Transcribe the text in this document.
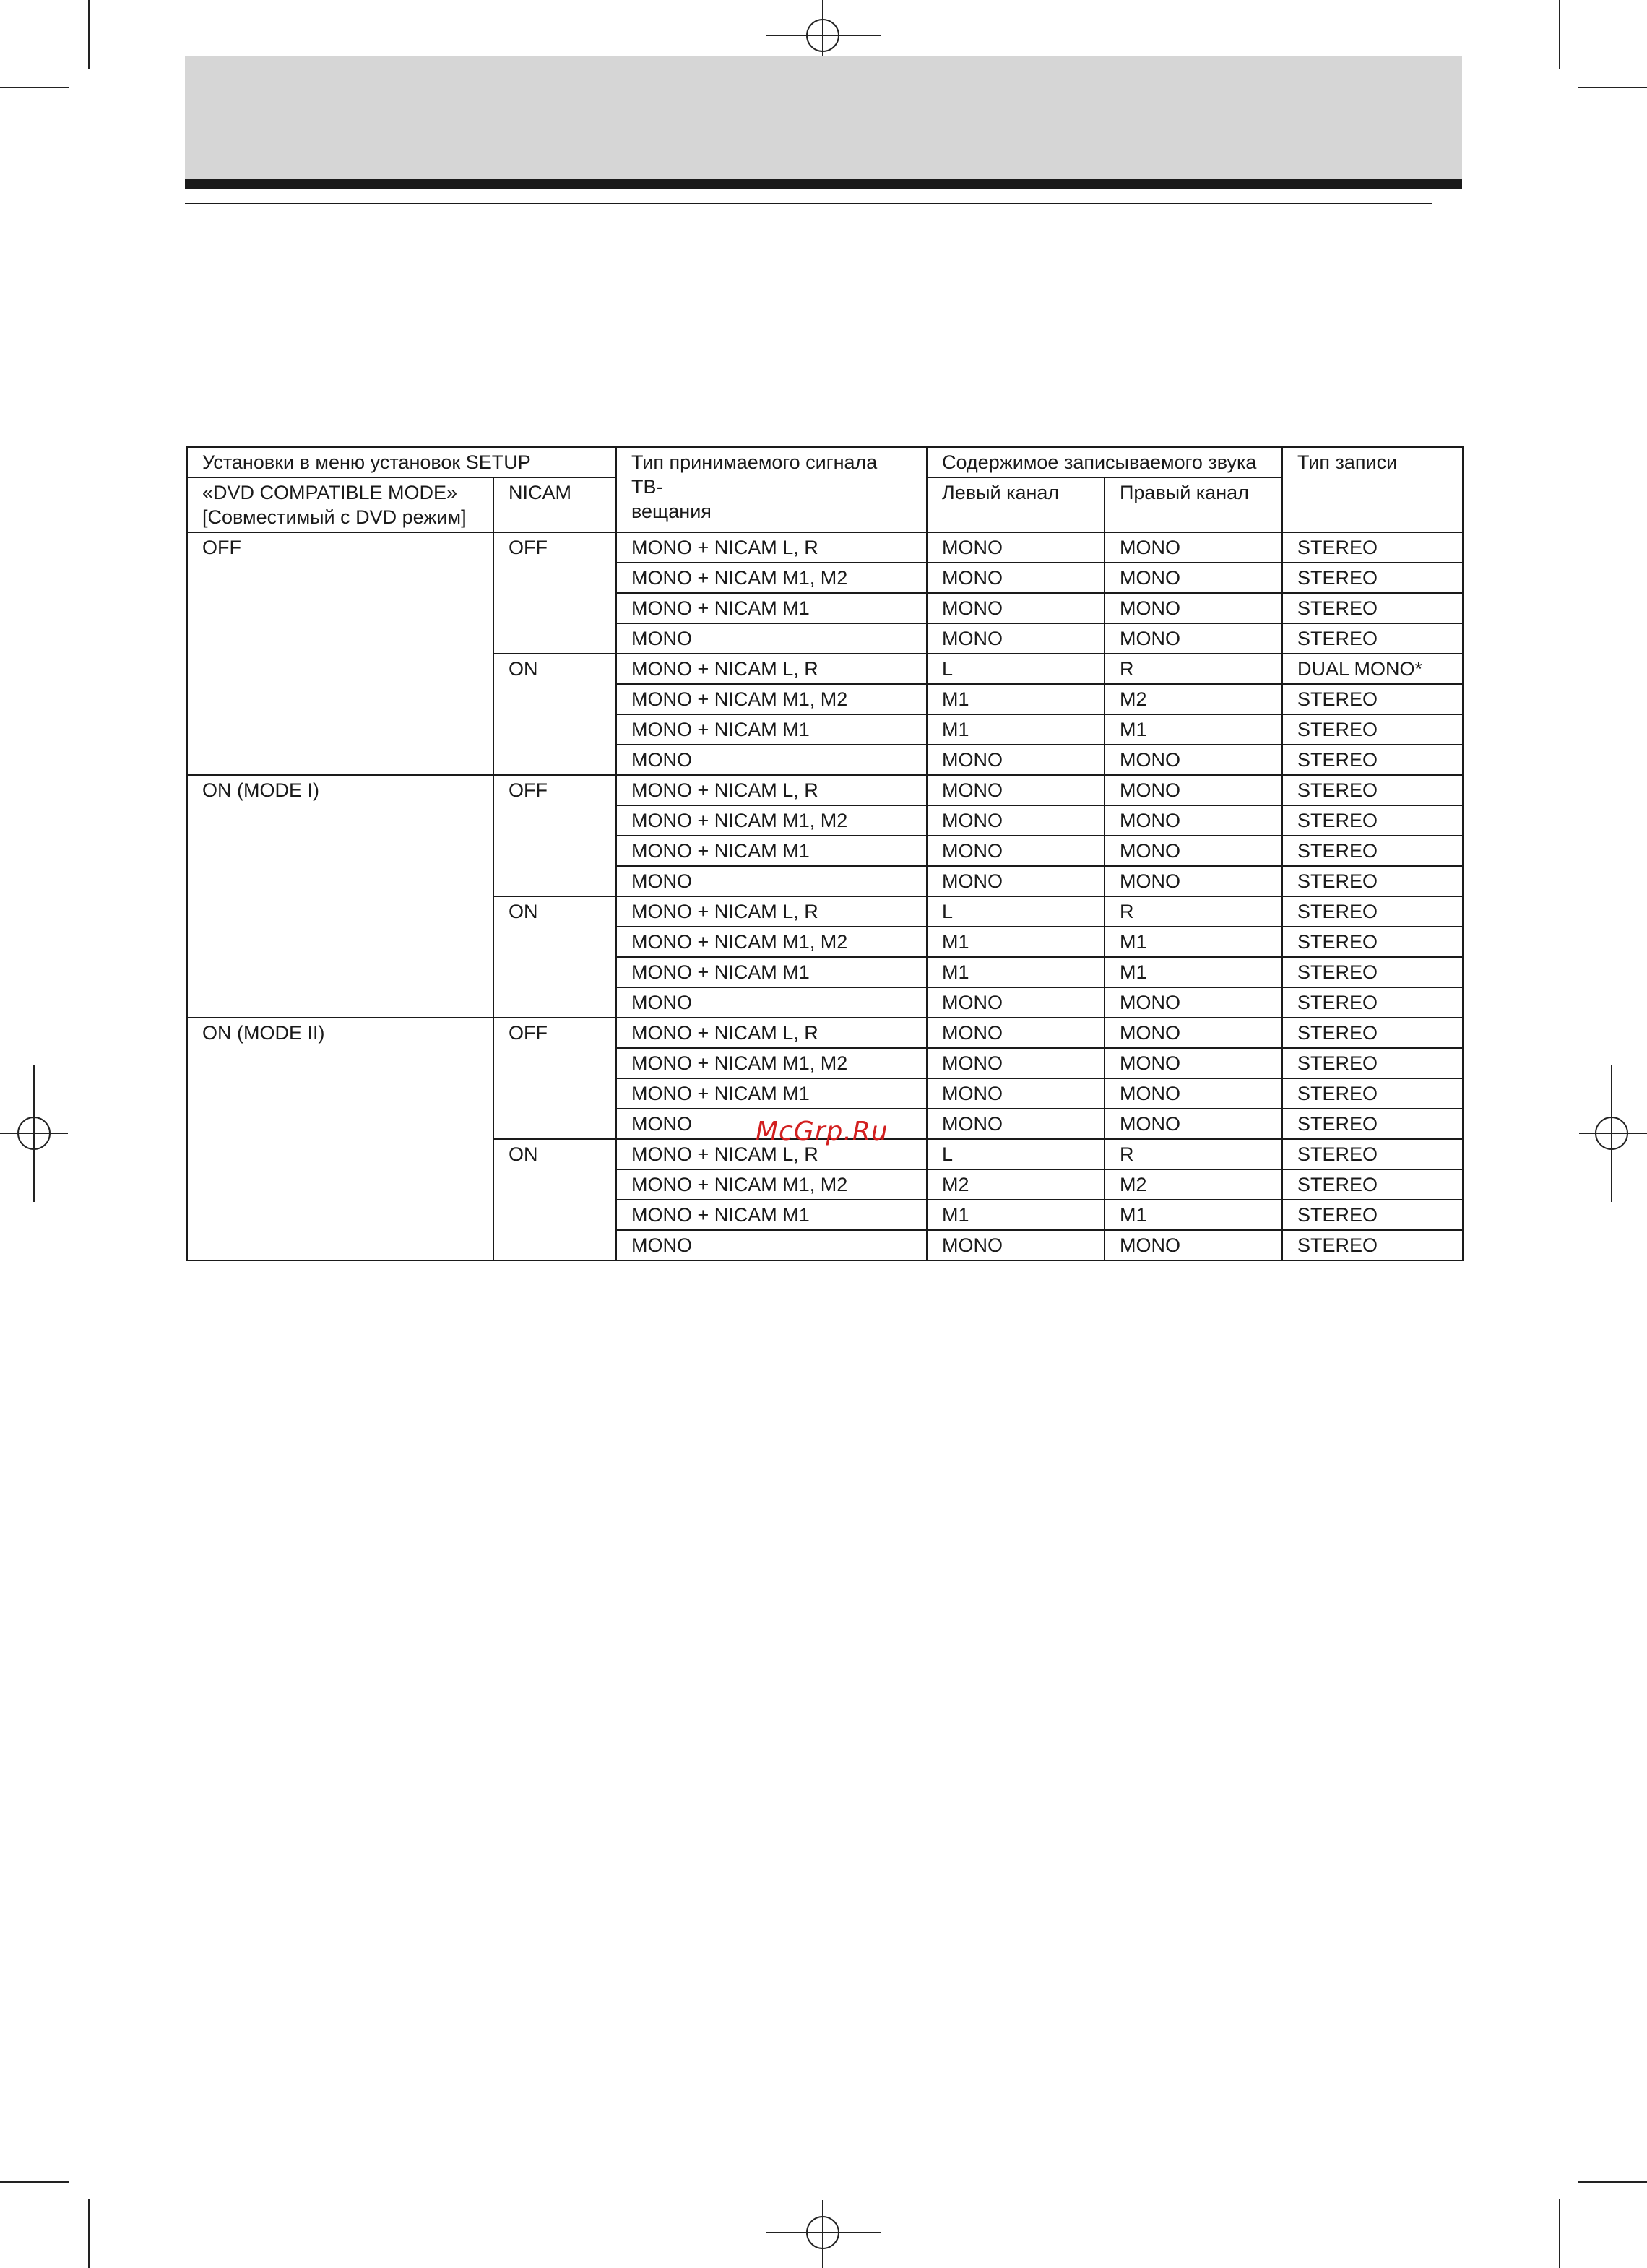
Установки в меню установок SETUP		Тип принимаемого сигнала ТВ-
вещания	Содержимое записываемого звука		Тип записи

«DVD COMPATIBLE MODE»
[Совместимый с DVD режим]	NICAM		Левый канал	Правый канал	
OFF	OFF	MONO + NICAM L, R	MONO	MONO	STEREO
		MONO + NICAM M1, M2	MONO	MONO	STEREO
		MONO + NICAM M1	MONO	MONO	STEREO
		MONO	MONO	MONO	STEREO
	ON	MONO + NICAM L, R	L	R	DUAL MONO*
		MONO + NICAM M1, M2	M1	M2	STEREO
		MONO + NICAM M1	M1	M1	STEREO
		MONO	MONO	MONO	STEREO
ON (MODE I)	OFF	MONO + NICAM L, R	MONO	MONO	STEREO
		MONO + NICAM M1, M2	MONO	MONO	STEREO
		MONO + NICAM M1	MONO	MONO	STEREO
		MONO	MONO	MONO	STEREO
	ON	MONO + NICAM L, R	L	R	STEREO
		MONO + NICAM M1, M2	M1	M1	STEREO
		MONO + NICAM M1	M1	M1	STEREO
		MONO	MONO	MONO	STEREO
ON (MODE II)	OFF	MONO + NICAM L, R	MONO	MONO	STEREO
		MONO + NICAM M1, M2	MONO	MONO	STEREO
		MONO + NICAM M1	MONO	MONO	STEREO
		MONO	MONO	MONO	STEREO
	ON	MONO + NICAM L, R	L	R	STEREO
		MONO + NICAM M1, M2	M2	M2	STEREO
		MONO + NICAM M1	M1	M1	STEREO
		MONO	MONO	MONO	STEREO
McGrp.Ru
